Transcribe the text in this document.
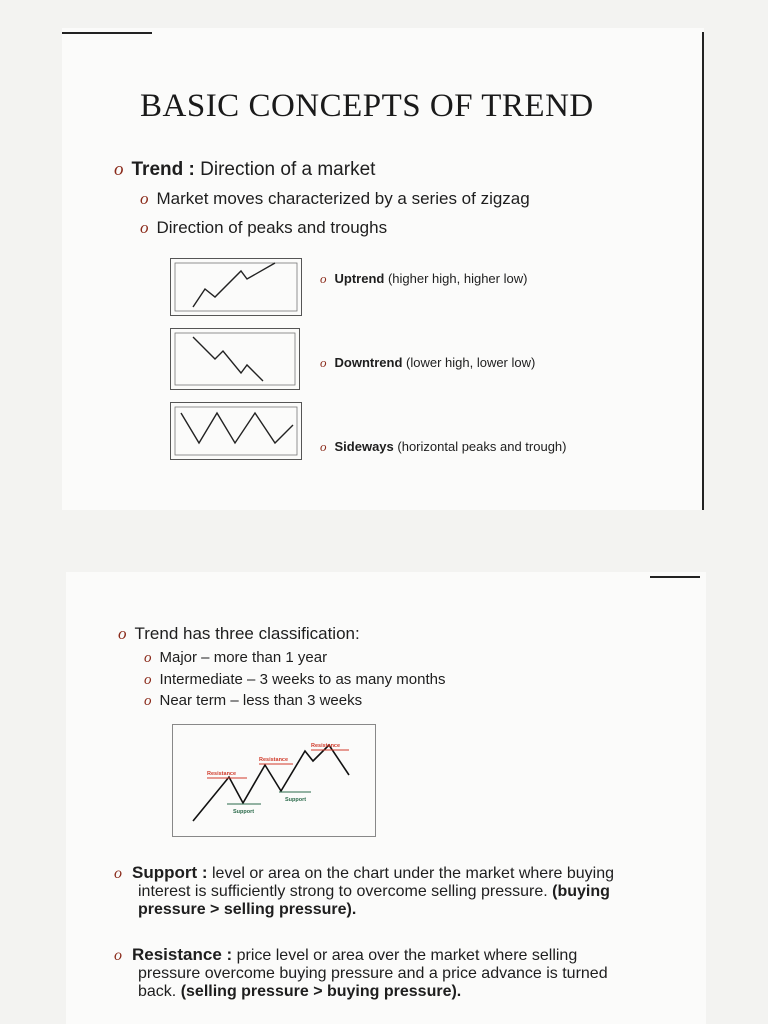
BASIC CONCEPTS OF TREND
o Trend : Direction of a market
o Market moves characterized by a series of zigzag
o Direction of peaks and troughs
o Uptrend (higher high, higher low)
o Downtrend (lower high, lower low)
o Sideways (horizontal peaks and trough)
o Trend has three classification:
o Major – more than 1 year
o Intermediate – 3 weeks to as many months
o Near term – less than 3 weeks
Resistance
Resistance
Resistance
Support
Support
o Support : level or area on the chart under the market where buying
interest is sufficiently strong to overcome selling pressure. (buying
pressure > selling pressure).
o Resistance : price level or area over the market where selling
pressure overcome buying pressure and a price advance is turned
back. (selling pressure > buying pressure).
